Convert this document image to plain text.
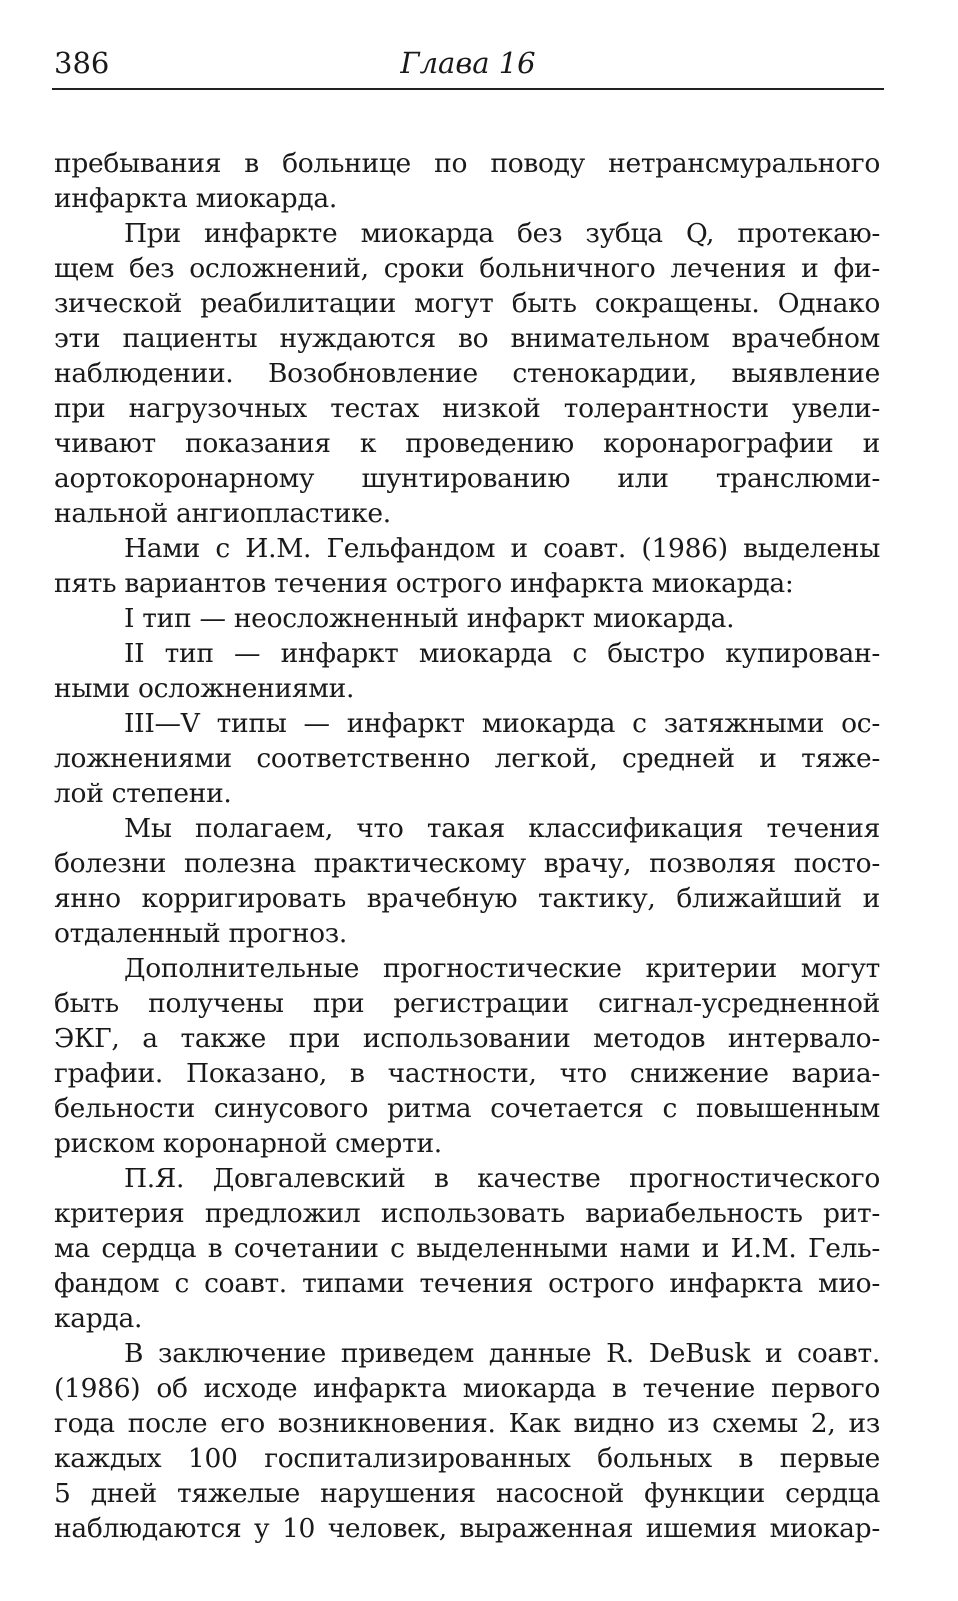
386	Глава 16
пребывания в больнице по поводу нетрансмурального
инфаркта миокарда.
При инфаркте миокарда без зубца Q, протекаю-
щем без осложнений, сроки больничного лечения и фи-
зической реабилитации могут быть сокращены. Однако
эти пациенты нуждаются во внимательном врачебном
наблюдении. Возобновление стенокардии, выявление
при нагрузочных тестах низкой толерантности увели-
чивают показания к проведению коронарографии и
аортокоронарному шунтированию или транслюми-
нальной ангиопластике.
Нами с И.М. Гельфандом и соавт. (1986) выделены
пять вариантов течения острого инфаркта миокарда:
I тип — неосложненный инфаркт миокарда.
II тип — инфаркт миокарда с быстро купирован-
ными осложнениями.
III—V типы — инфаркт миокарда с затяжными ос-
ложнениями соответственно легкой, средней и тяже-
лой степени.
Мы полагаем, что такая классификация течения
болезни полезна практическому врачу, позволяя посто-
янно корригировать врачебную тактику, ближайший и
отдаленный прогноз.
Дополнительные прогностические критерии могут
быть получены при регистрации сигнал-усредненной
ЭКГ, а также при использовании методов интервало-
графии. Показано, в частности, что снижение вариа-
бельности синусового ритма сочетается с повышенным
риском коронарной смерти.
П.Я. Довгалевский в качестве прогностического
критерия предложил использовать вариабельность рит-
ма сердца в сочетании с выделенными нами и И.М. Гель-
фандом с соавт. типами течения острого инфаркта мио-
карда.
В заключение приведем данные R. DeBusk и соавт.
(1986) об исходе инфаркта миокарда в течение первого
года после его возникновения. Как видно из схемы 2, из
каждых 100 госпитализированных больных в первые
5 дней тяжелые нарушения насосной функции сердца
наблюдаются у 10 человек, выраженная ишемия миокар-
